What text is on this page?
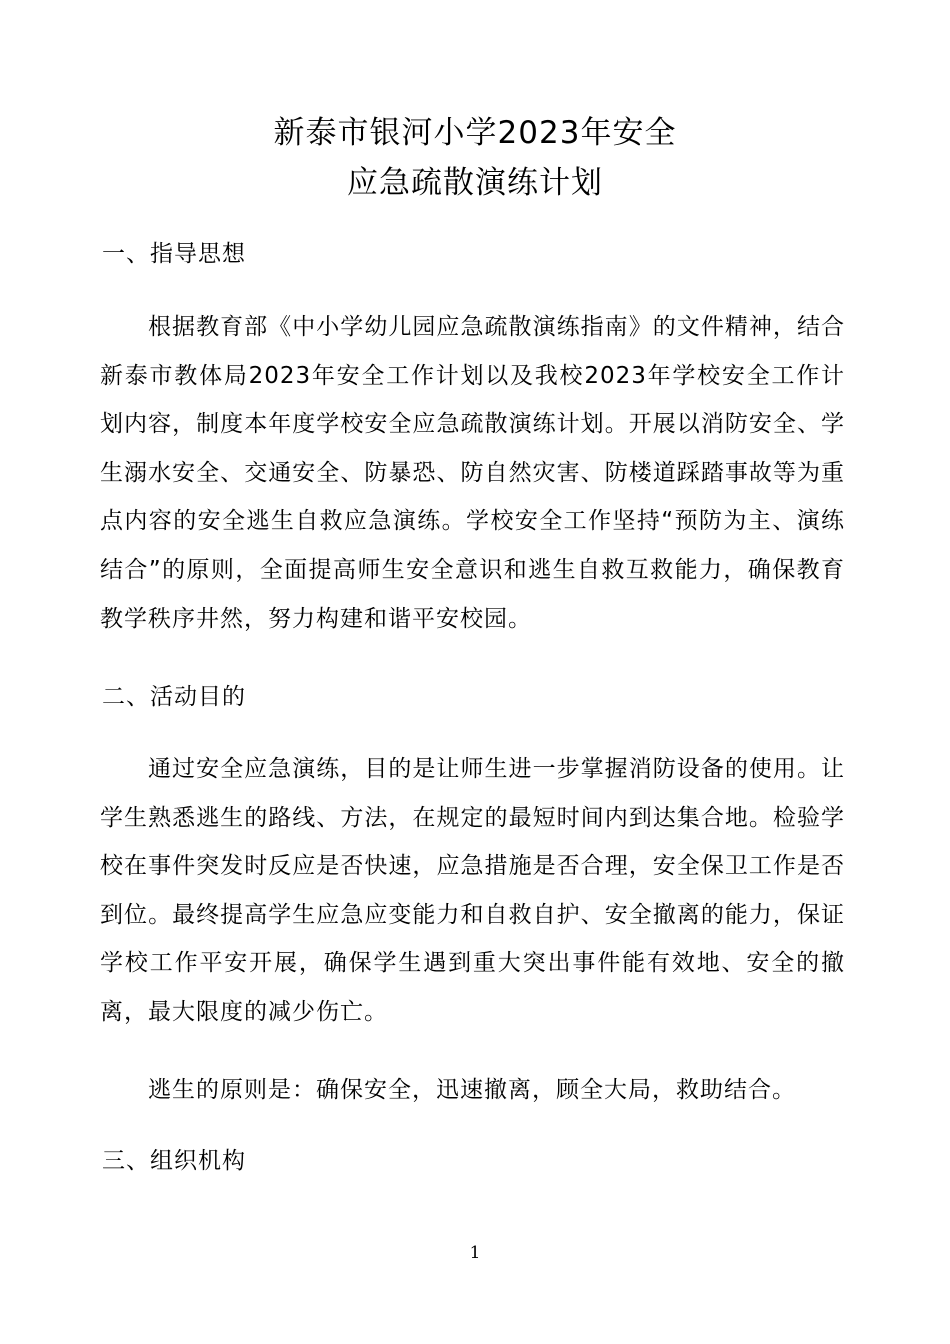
新泰市银河小学2023年安全
应急疏散演练计划
一、指导思想
根据教育部《中小学幼儿园应急疏散演练指南》的文件精神，结合新泰市教体局2023年安全工作计划以及我校2023年学校安全工作计划内容，制度本年度学校安全应急疏散演练计划。开展以消防安全、学生溺水安全、交通安全、防暴恐、防自然灾害、防楼道踩踏事故等为重点内容的安全逃生自救应急演练。学校安全工作坚持“预防为主、演练结合”的原则，全面提高师生安全意识和逃生自救互救能力，确保教育教学秩序井然，努力构建和谐平安校园。
二、活动目的
通过安全应急演练，目的是让师生进一步掌握消防设备的使用。让学生熟悉逃生的路线、方法，在规定的最短时间内到达集合地。检验学校在事件突发时反应是否快速，应急措施是否合理，安全保卫工作是否到位。最终提高学生应急应变能力和自救自护、安全撤离的能力，保证学校工作平安开展，确保学生遇到重大突出事件能有效地、安全的撤离，最大限度的减少伤亡。
逃生的原则是：确保安全，迅速撤离，顾全大局，救助结合。
三、组织机构
1
